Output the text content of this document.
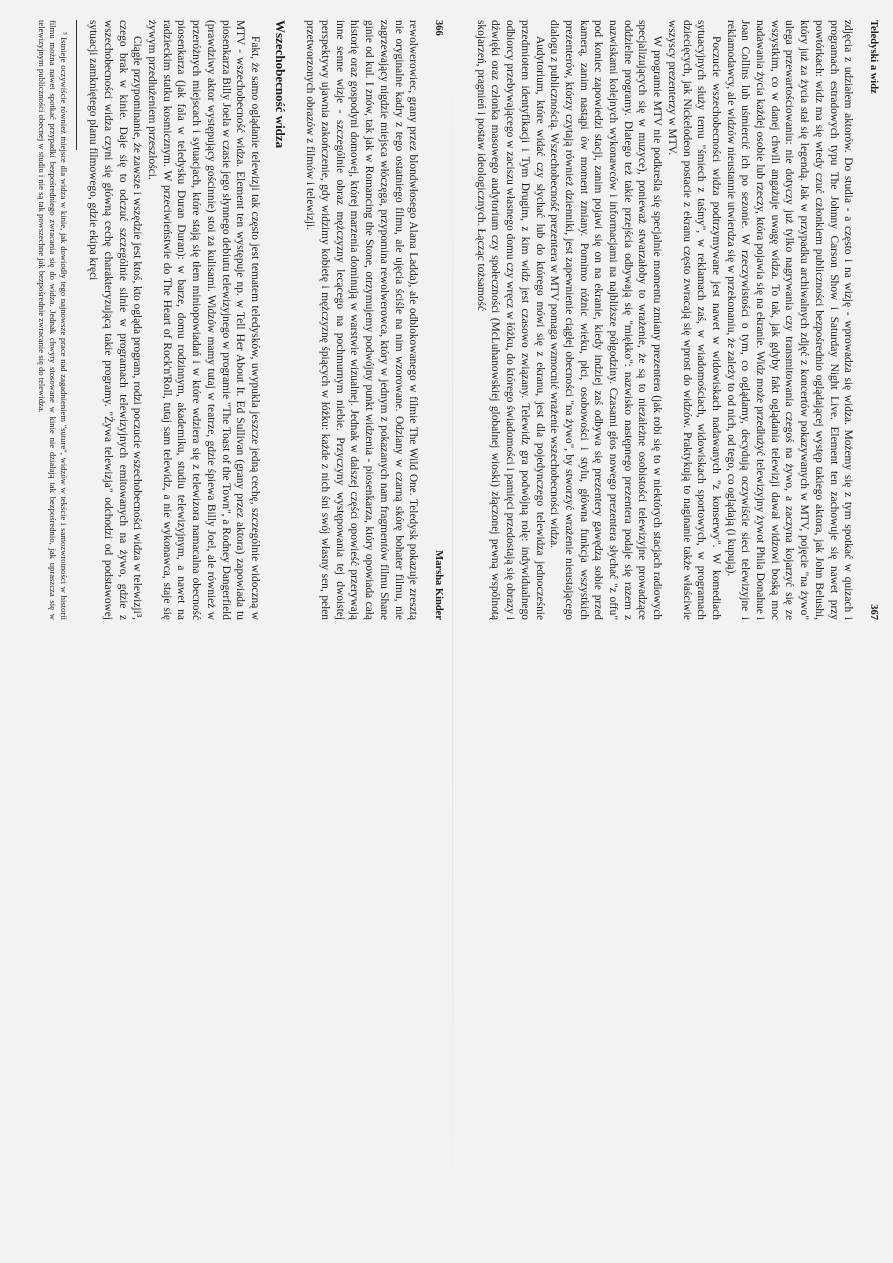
366
Marsha Kinder

rewolwerowiec, grany przez blondwłosego Alana Ladda), ale odblokowanego w filmie The Wild One. Teledysk pokazuje zresztą nie oryginalne kadry z tego ostatniego filmu, ale ujęcia ściśle na nim wzorowane. Odziany w czarną skórę bohater filmu, nie zagrzewający nigdzie miejsca włóczęga, przypomina rewolwerowca, który w jednym z pokazanych nam fragmentów filmu Shane ginie od kul. I znów, tak jak w Romancing the Stone, otrzymujemy podwójny punkt widzenia - piosenkarza, który opowiada całą historię oraz gospodyni domowej, której marzenia dominują w warstwie wizualnej. Jednak w dalszej części opowieść przerywają inne senne wizje - szczególnie obraz mężczyzny lecącego na pochmurnym niebie. Przyczyny występowania tej dwoistej perspektywy ujawnia zakończenie, gdy widzimy kobietę i mężczyznę śpiących w łóżku: każde z nich śni swój własny sen, pełen przetworzonych obrazów z filmów i telewizji.

Wszechobecność widza

Fakt, że samo oglądanie telewizji tak często jest tematem teledysków, uwypukla jeszcze jedną cechę, szczególnie widoczną w MTV - wszechobecność widza. Element ten występuje np. w Tell Her About It. Ed Sullivan (grany przez aktora) zapowiada tu piosenkarza Billy Joela w czasie jego słynnego debiutu telewizyjnego w programie "The Toast of the Town", a Rodney Dangerfield (prawdziwy aktor występujący gościnnie) stoi za kulisami. Widzów mamy tutaj w teatrze, gdzie śpiewa Billy Joel, ale również w przeróżnych miejscach i sytuacjach, które stają się tłem miniopowiadań i w które wdziera się z telewizora namacalna obecność piosenkarza (jak fala w teledysku Duran Duran): w barze, domu rodzinnym, akademiku, studiu telewizyjnym, a nawet na radzieckim statku kosmicznym. W przeciwieństwie do The Heart of Rock'n'Roll, tutaj sam telewidz, a nie wykonawca, staje się żywym przedłużeniem przeszłości.

Ciągłe przypominanie, że zawsze i wszędzie jest ktoś, kto ogląda program, rodzi poczucie wszechobecności widza w telewizji³, czego brak w kinie. Daje się to odczuć szczególnie silnie w programach telewizyjnych emitowanych na żywo, gdzie z wszechobecności widza czyni się główną cechę charakteryzującą takie programy. "Żywa telewizja" odchodzi od podstawowej sytuacji zamkniętego planu filmowego, gdzie ekipa kręci

³ Istnieje oczywiście również miejsce dla widza w kinie, jak dowiodły tego najnowsze prace nad zagadnieniem "suture", widzów w tekście i samozwrotności w historii filmu można nawet spotkać przypadki bezpośredniego zwracania się do widza. Jednak chwyty stosowane w kinie nie działają tak bezpośrednio, jak upraszcza się w telewizyjnym publiczności obecnej w studiu i nie są tak powszechne jak bezpośrednie zwracanie się do telewidza.	Teledyski a widz
367

zdjęcia z udziałem aktorów. Do studia - a często i na wizję - wprowadza się widza. Możemy się z tym spotkać w quizach i programach estradowych typu The Johnny Carson Show i Saturday Night Live. Element ten zachowuje się nawet przy powtórkach: widz ma się wtedy czuć członkiem publiczności bezpośrednio oglądającej występ takiego aktora, jak John Belushi, który już za życia stał się legendą. Jak w przypadku archiwalnych zdjęć z koncertów pokazywanych w MTV, pojęcie "na żywo" ulega przewartościowaniu: nie dotyczy już tylko nagrywania czy transmitowania czegoś na żywo, a zaczyna kojarzyć się ze wszystkim, co w danej chwili angażuje uwagę widza. To tak, jak gdyby fakt oglądania telewizji dawał widzowi boską moc nadawania życia każdej osobie lub rzeczy, która pojawia się na ekranie. Widz może przedłużyć telewizyjny żywot Phila Donahue i Joan Collins lub uśmiercić ich po sezonie. W rzeczywistości o tym, co oglądamy, decydują oczywiście sieci telewizyjne i reklamodawcy, ale widzów nieustannie utwierdza się w przekonaniu, że zależy to od nich, od tego, co oglądają (i kupują).

Poczucie wszechobecności widza podtrzymywane jest nawet w widowiskach nadawanych "z konserwy". W komediach sytuacyjnych służy temu "śmiech z taśmy", w reklamach zaś, w wiadomościach, widowiskach sportowych, w programach dziecięcych, jak Nickelodeon postacie z ekranu często zwracają się wprost do widzów. Praktykują to naginanie także właściwie wszyscy prezenterzy w MTV.

W programie MTV nie podkreśla się specjalnie momentu zmiany prezentera (jak robi się to w niektórych stacjach radiowych specjalizujących się w muzyce), ponieważ stwarzałoby to wrażenie, że są to niezależne osobistości telewizyjne prowadzące oddzielne programy. Dlatego też takie przejścia odbywają się "miękko": nazwisko następnego prezentera podaje się razem z nazwiskami kolejnych wykonawców i informacjami na najbliższe półgodziny. Czasami głos nowego prezentera słychać "z offu" pod koniec zapowiedzi stacji, zanim pojawi się on na ekranie, kiedy indziej zaś odbywa się prezentery gawędzą sobie przed kamerą, zanim nastąpi ów moment zmiany. Pomimo różnic wieku, płci, osobowości i stylu, główna funkcja wszystkich prezenterów, którzy czytają również dzienniki, jest zapewnienie ciągłej obecności "na żywo", by stworzyć wrażenie nieustającego dialogu z publicznością. Wszechobecność prezentera w MTV pomaga wzmocnić wrażenie wszechobecności widza.

Audytorium, które widać czy słychać lub do którego mówi się z ekranu, jest dla pojedynczego telewidza jednocześnie przedmiotem identyfikacji i Tym Drugim, z kim widz jest czasowo związany. Telewidz gra podwójną rolę: indywidualnego odbiorcy przebywającego w zaciszu własnego domu czy wręcz w łóżku, do którego świadomości i pamięci przedostają się obrazy i dźwięki oraz członka masowego audytorium czy społeczności (McLuhanowskiej globalnej wioski) złączonej pewną wspólnotą skojarzeń, pragnień i postaw ideologicznych. Łącząc tożsamość
